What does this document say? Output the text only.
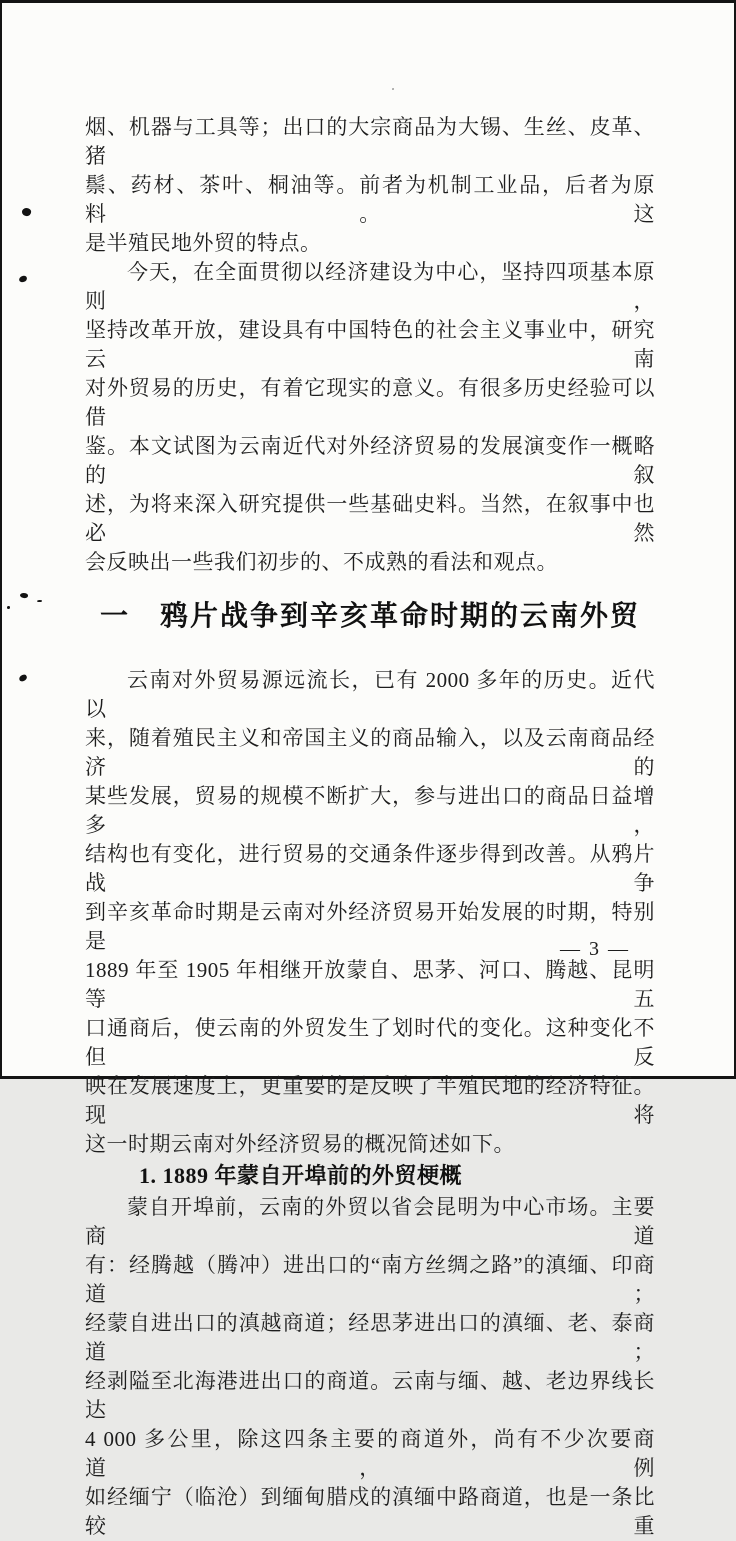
烟、机器与工具等；出口的大宗商品为大锡、生丝、皮革、猪
鬃、药材、茶叶、桐油等。前者为机制工业品，后者为原料。这
是半殖民地外贸的特点。
今天，在全面贯彻以经济建设为中心，坚持四项基本原则，
坚持改革开放，建设具有中国特色的社会主义事业中，研究云南
对外贸易的历史，有着它现实的意义。有很多历史经验可以借
鉴。本文试图为云南近代对外经济贸易的发展演变作一概略的叙
述，为将来深入研究提供一些基础史料。当然，在叙事中也必然
会反映出一些我们初步的、不成熟的看法和观点。
一　鸦片战争到辛亥革命时期的云南外贸
云南对外贸易源远流长，已有 2000 多年的历史。近代以
来，随着殖民主义和帝国主义的商品输入，以及云南商品经济的
某些发展，贸易的规模不断扩大，参与进出口的商品日益增多，
结构也有变化，进行贸易的交通条件逐步得到改善。从鸦片战争
到辛亥革命时期是云南对外经济贸易开始发展的时期，特别是
1889 年至 1905 年相继开放蒙自、思茅、河口、腾越、昆明等五
口通商后，使云南的外贸发生了划时代的变化。这种变化不但反
映在发展速度上，更重要的是反映了半殖民地的经济特征。现将
这一时期云南对外经济贸易的概况简述如下。
1. 1889 年蒙自开埠前的外贸梗概
蒙自开埠前，云南的外贸以省会昆明为中心市场。主要商道
有：经腾越（腾冲）进出口的“南方丝绸之路”的滇缅、印商道；
经蒙自进出口的滇越商道；经思茅进出口的滇缅、老、泰商道；
经剥隘至北海港进出口的商道。云南与缅、越、老边界线长达
4 000 多公里，除这四条主要的商道外，尚有不少次要商道，例
如经缅宁（临沧）到缅甸腊戍的滇缅中路商道，也是一条比较重
— 3 —
